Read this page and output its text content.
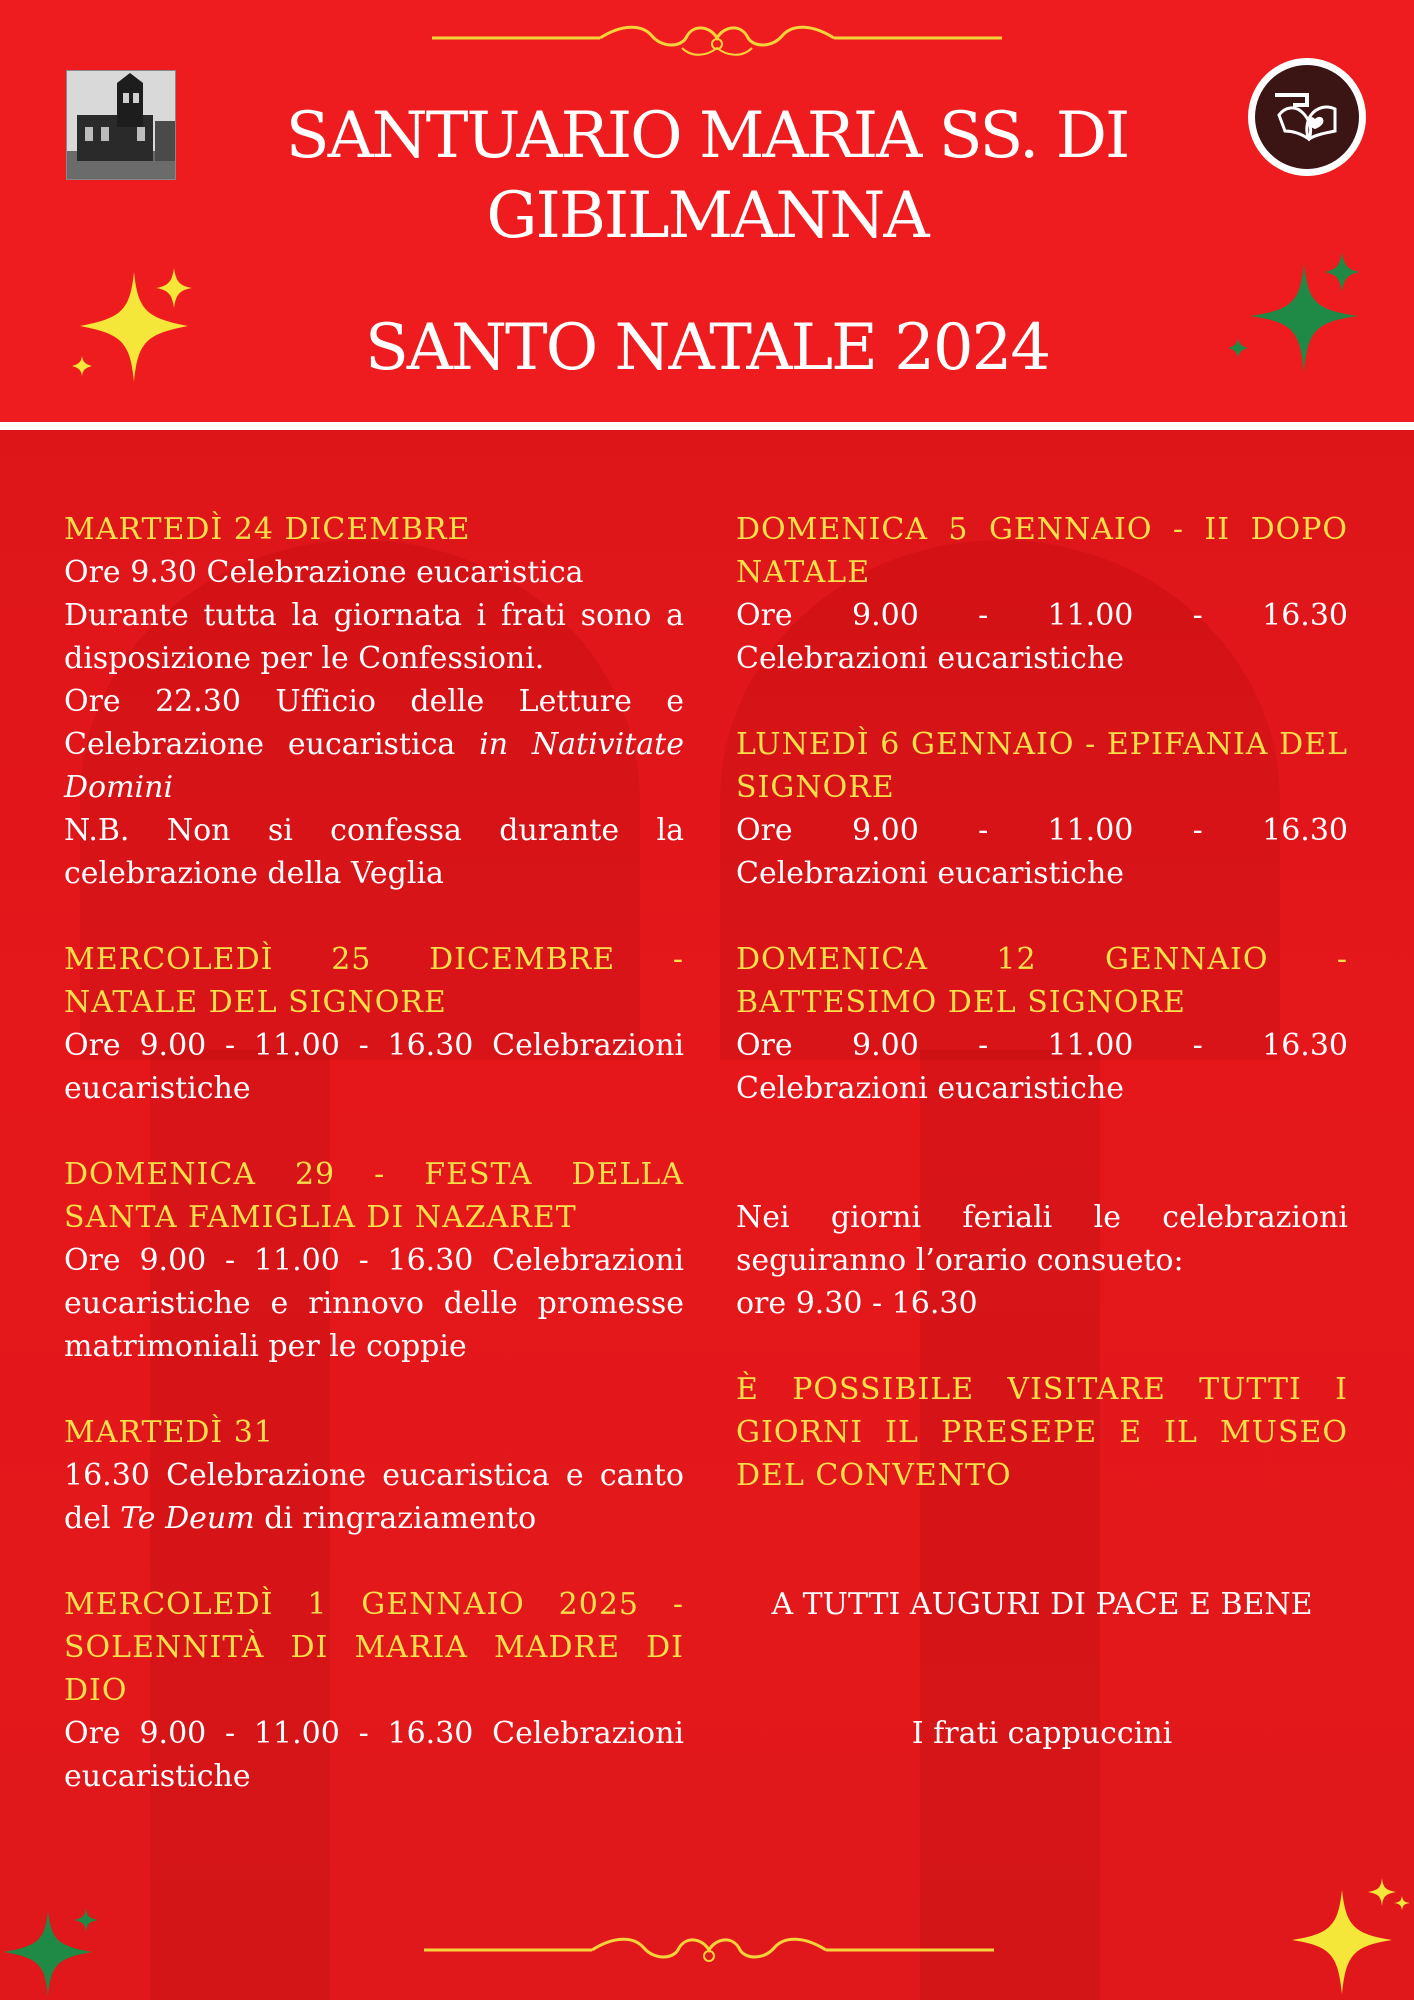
SANTUARIO MARIA SS. DI
GIBILMANNA
SANTO NATALE 2024
MARTEDÌ 24 DICEMBRE
Ore 9.30 Celebrazione eucaristica
Durante tutta la giornata i frati sono a disposizione per le Confessioni.
Ore 22.30 Ufficio delle Letture e Celebrazione eucaristica in Nativitate Domini
N.B. Non si confessa durante la celebrazione della Veglia
MERCOLEDÌ 25 DICEMBRE - NATALE DEL SIGNORE
Ore 9.00 - 11.00 - 16.30 Celebrazioni eucaristiche
DOMENICA 29 - FESTA DELLA SANTA FAMIGLIA DI NAZARET
Ore 9.00 - 11.00 - 16.30 Celebrazioni eucaristiche e rinnovo delle promesse matrimoniali per le coppie
MARTEDÌ 31
16.30 Celebrazione eucaristica e canto del Te Deum di ringraziamento
MERCOLEDÌ 1 GENNAIO 2025 - SOLENNITÀ DI MARIA MADRE DI DIO
Ore 9.00 - 11.00 - 16.30 Celebrazioni eucaristiche
DOMENICA 5 GENNAIO - II DOPO NATALE
Ore 9.00 - 11.00 - 16.30
Celebrazioni eucaristiche
LUNEDÌ 6 GENNAIO - EPIFANIA DEL SIGNORE
Ore 9.00 - 11.00 - 16.30
Celebrazioni eucaristiche
DOMENICA 12 GENNAIO - BATTESIMO DEL SIGNORE
Ore 9.00 - 11.00 - 16.30
Celebrazioni eucaristiche
Nei giorni feriali le celebrazioni seguiranno l’orario consueto:
ore 9.30 - 16.30
È POSSIBILE VISITARE TUTTI I GIORNI IL PRESEPE E IL MUSEO DEL CONVENTO
A TUTTI AUGURI DI PACE E BENE
I frati cappuccini
